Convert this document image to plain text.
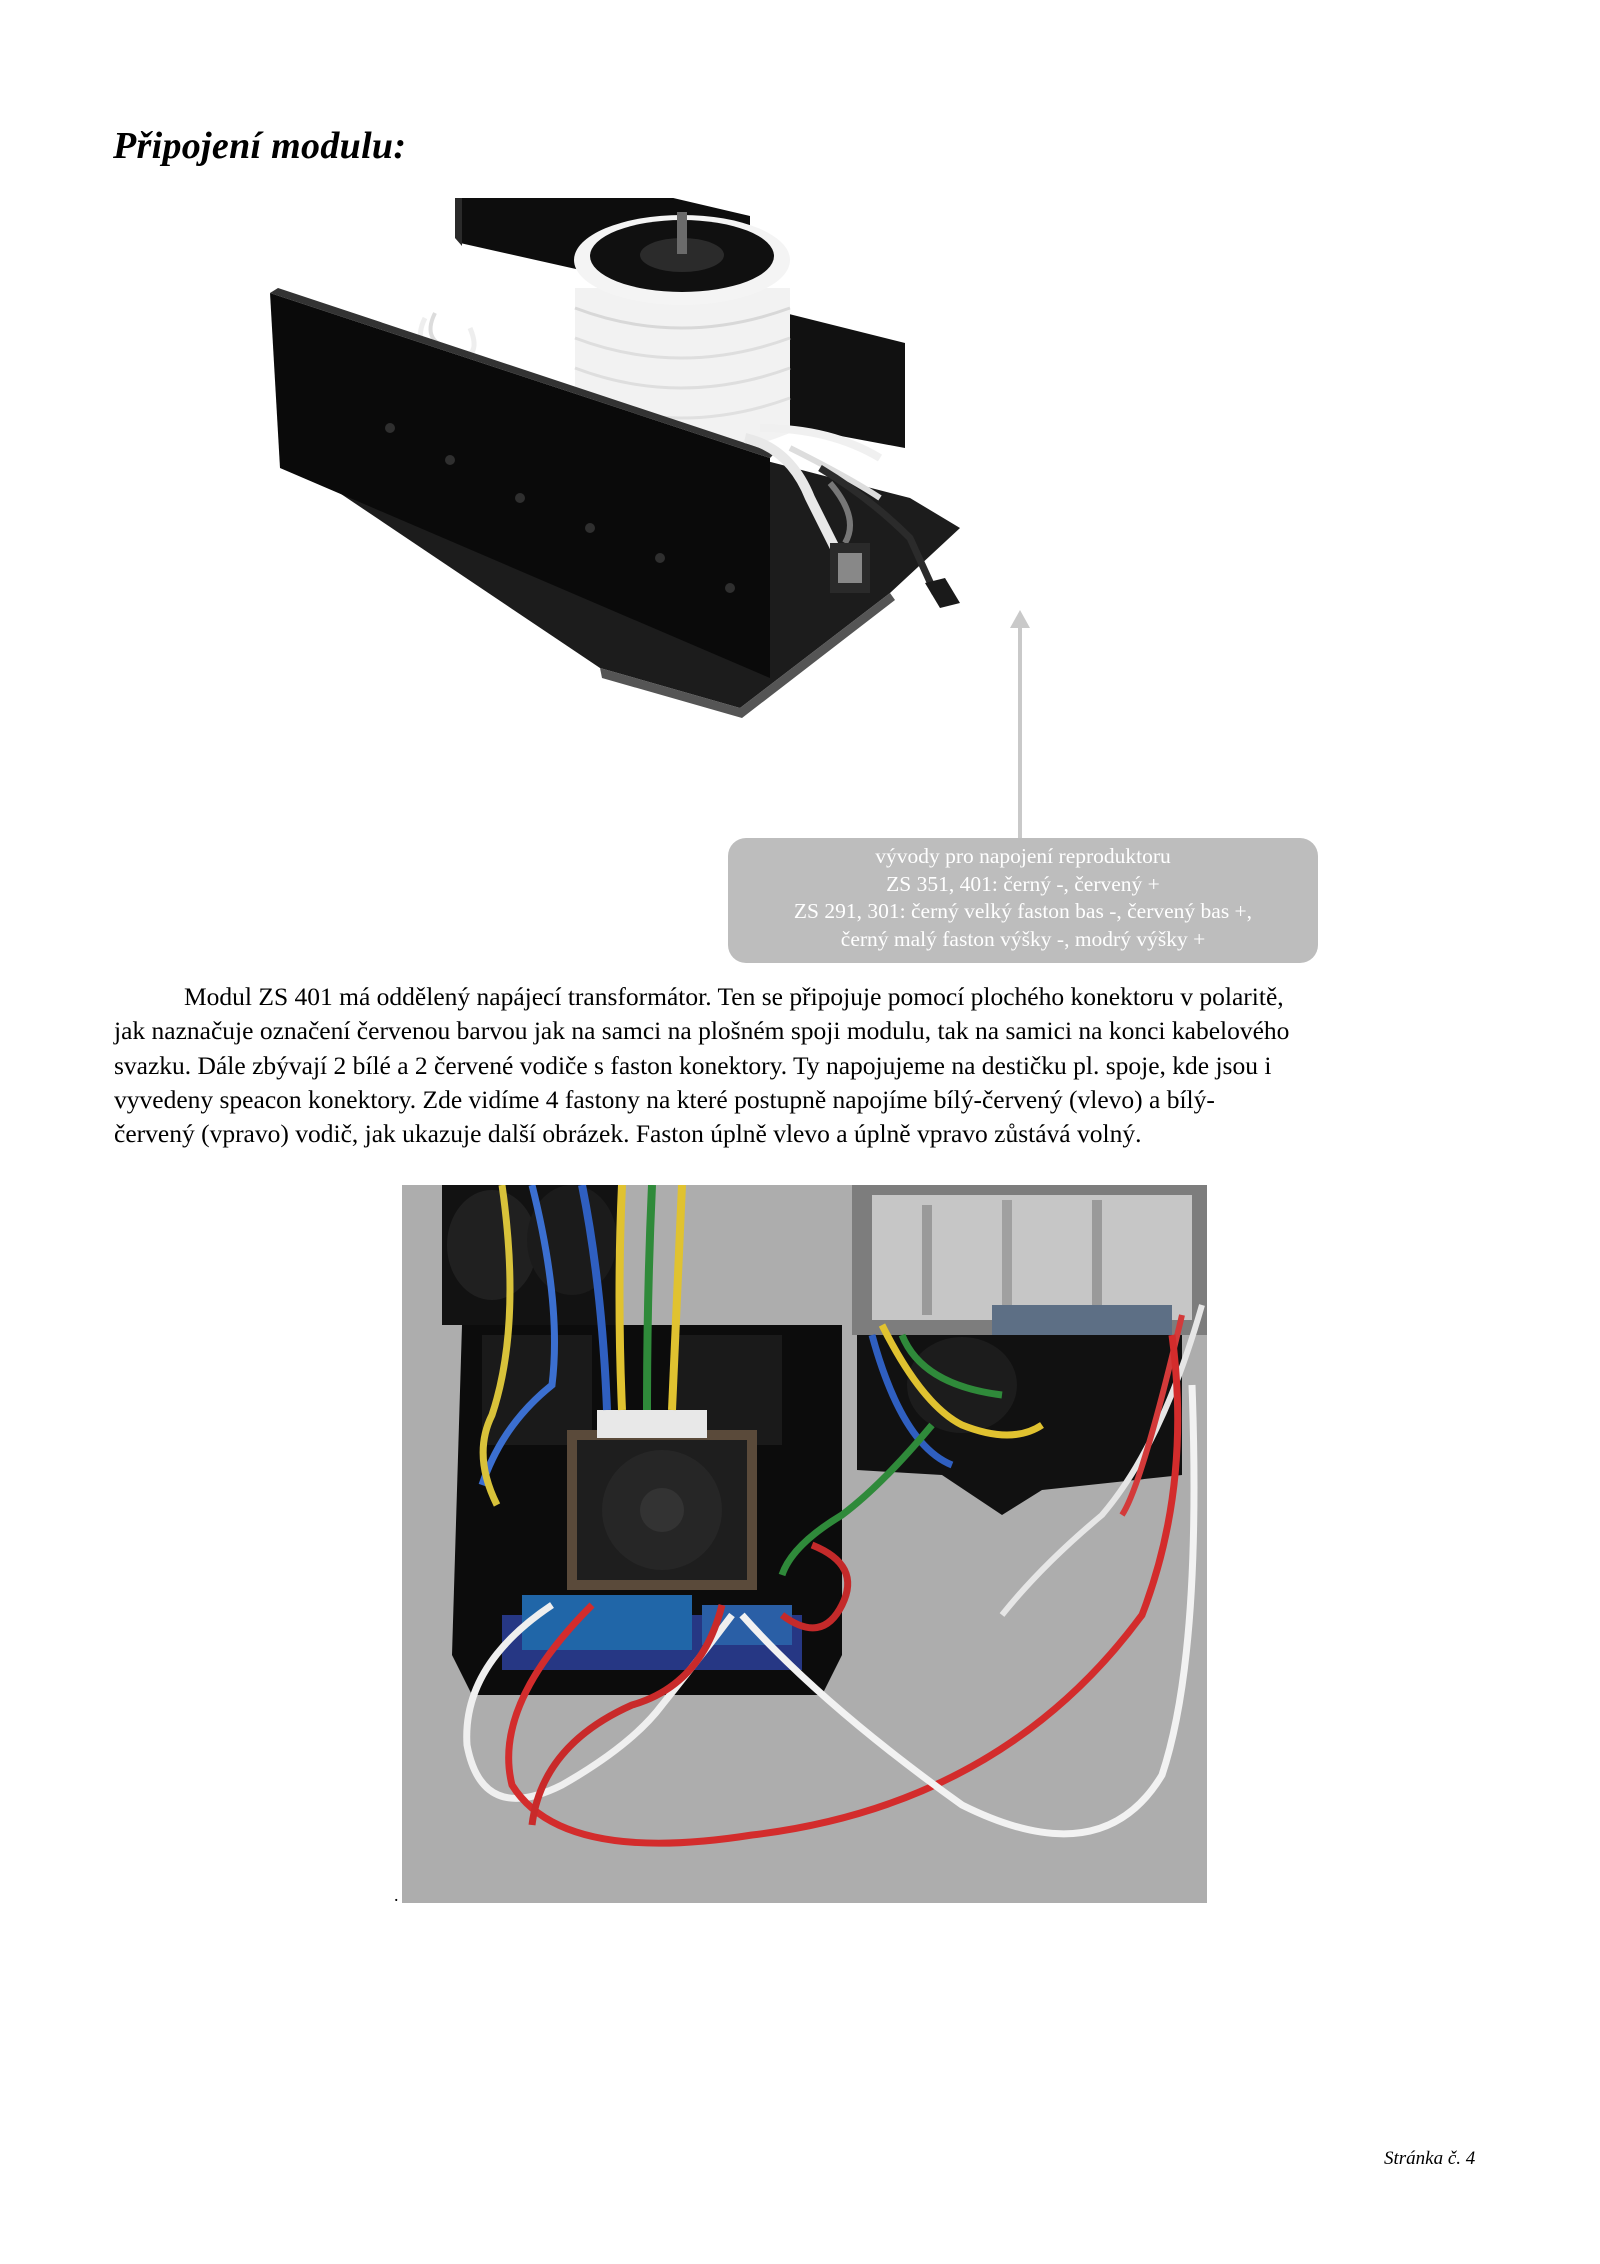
Připojení modulu:
vývody pro napojení reproduktoru
ZS 351, 401: černý -, červený +
ZS 291, 301: černý velký faston bas -, červený bas +,
černý malý faston výšky -, modrý výšky +

Modul ZS 401 má oddělený napájecí transformátor. Ten se připojuje pomocí plochého konektoru v polaritě,
jak naznačuje označení červenou barvou jak na samci na plošném spoji modulu, tak na samici na konci kabelového
svazku. Dále zbývají 2 bílé a 2 červené vodiče s faston konektory. Ty napojujeme na destičku pl. spoje, kde jsou i
vyvedeny speacon konektory. Zde vidíme 4 fastony na které postupně napojíme bílý-červený (vlevo) a bílý-
červený (vpravo) vodič, jak ukazuje další obrázek. Faston úplně vlevo a úplně vpravo zůstává volný.

.
Stránka č. 4
